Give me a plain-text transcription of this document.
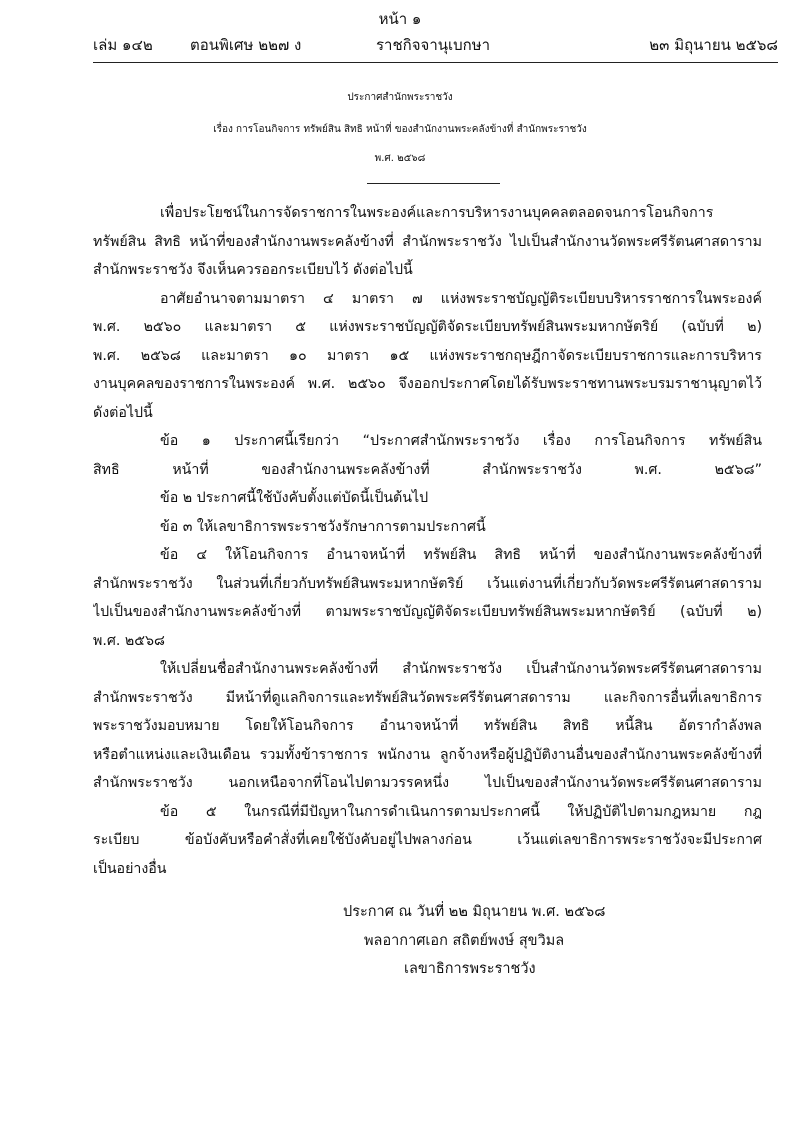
หน้า ๑
เล่ม ๑๔๒ ตอนพิเศษ ๒๒๗ ง	ราชกิจจานุเบกษา	๒๓ มิถุนายน ๒๕๖๘
ประกาศสำนักพระราชวัง
เรื่อง การโอนกิจการ ทรัพย์สิน สิทธิ หน้าที่ ของสำนักงานพระคลังข้างที่ สำนักพระราชวัง
พ.ศ. ๒๕๖๘
เพื่อประโยชน์ในการจัดราชการในพระองค์และการบริหารงานบุคคลตลอดจนการโอนกิจการ
ทรัพย์สิน สิทธิ หน้าที่ของสำนักงานพระคลังข้างที่ สำนักพระราชวัง ไปเป็นสำนักงานวัดพระศรีรัตนศาสดาราม
สำนักพระราชวัง จึงเห็นควรออกระเบียบไว้ ดังต่อไปนี้
อาศัยอำนาจตามมาตรา ๔ มาตรา ๗ แห่งพระราชบัญญัติระเบียบบริหารราชการในพระองค์
พ.ศ. ๒๕๖๐ และมาตรา ๕ แห่งพระราชบัญญัติจัดระเบียบทรัพย์สินพระมหากษัตริย์ (ฉบับที่ ๒)
พ.ศ. ๒๕๖๘ และมาตรา ๑๐ มาตรา ๑๕ แห่งพระราชกฤษฎีกาจัดระเบียบราชการและการบริหาร
งานบุคคลของราชการในพระองค์ พ.ศ. ๒๕๖๐ จึงออกประกาศโดยได้รับพระราชทานพระบรมราชานุญาตไว้
ดังต่อไปนี้
ข้อ ๑ ประกาศนี้เรียกว่า “ประกาศสำนักพระราชวัง เรื่อง การโอนกิจการ ทรัพย์สิน
สิทธิ	หน้าที่	ของสำนักงานพระคลังข้างที่	สำนักพระราชวัง	พ.ศ.	๒๕๖๘”
ข้อ ๒ ประกาศนี้ใช้บังคับตั้งแต่บัดนี้เป็นต้นไป
ข้อ ๓ ให้เลขาธิการพระราชวังรักษาการตามประกาศนี้
ข้อ ๔ ให้โอนกิจการ อำนาจหน้าที่ ทรัพย์สิน สิทธิ หน้าที่ ของสำนักงานพระคลังข้างที่
สำนักพระราชวัง ในส่วนที่เกี่ยวกับทรัพย์สินพระมหากษัตริย์ เว้นแต่งานที่เกี่ยวกับวัดพระศรีรัตนศาสดาราม
ไปเป็นของสำนักงานพระคลังข้างที่ ตามพระราชบัญญัติจัดระเบียบทรัพย์สินพระมหากษัตริย์ (ฉบับที่ ๒)
พ.ศ. ๒๕๖๘
ให้เปลี่ยนชื่อสำนักงานพระคลังข้างที่ สำนักพระราชวัง เป็นสำนักงานวัดพระศรีรัตนศาสดาราม
สำนักพระราชวัง มีหน้าที่ดูแลกิจการและทรัพย์สินวัดพระศรีรัตนศาสดาราม และกิจการอื่นที่เลขาธิการ
พระราชวังมอบหมาย โดยให้โอนกิจการ อำนาจหน้าที่ ทรัพย์สิน สิทธิ หนี้สิน อัตรากำลังพล
หรือตำแหน่งและเงินเดือน รวมทั้งข้าราชการ พนักงาน ลูกจ้างหรือผู้ปฏิบัติงานอื่นของสำนักงานพระคลังข้างที่
สำนักพระราชวัง	นอกเหนือจากที่โอนไปตามวรรคหนึ่ง	ไปเป็นของสำนักงานวัดพระศรีรัตนศาสดาราม
ข้อ ๕ ในกรณีที่มีปัญหาในการดำเนินการตามประกาศนี้ ให้ปฏิบัติไปตามกฎหมาย กฎ
ระเบียบ	ข้อบังคับหรือคำสั่งที่เคยใช้บังคับอยู่ไปพลางก่อน	เว้นแต่เลขาธิการพระราชวังจะมีประกาศ
เป็นอย่างอื่น
ประกาศ ณ วันที่ ๒๒ มิถุนายน พ.ศ. ๒๕๖๘
พลอากาศเอก สถิตย์พงษ์ สุขวิมล
เลขาธิการพระราชวัง
